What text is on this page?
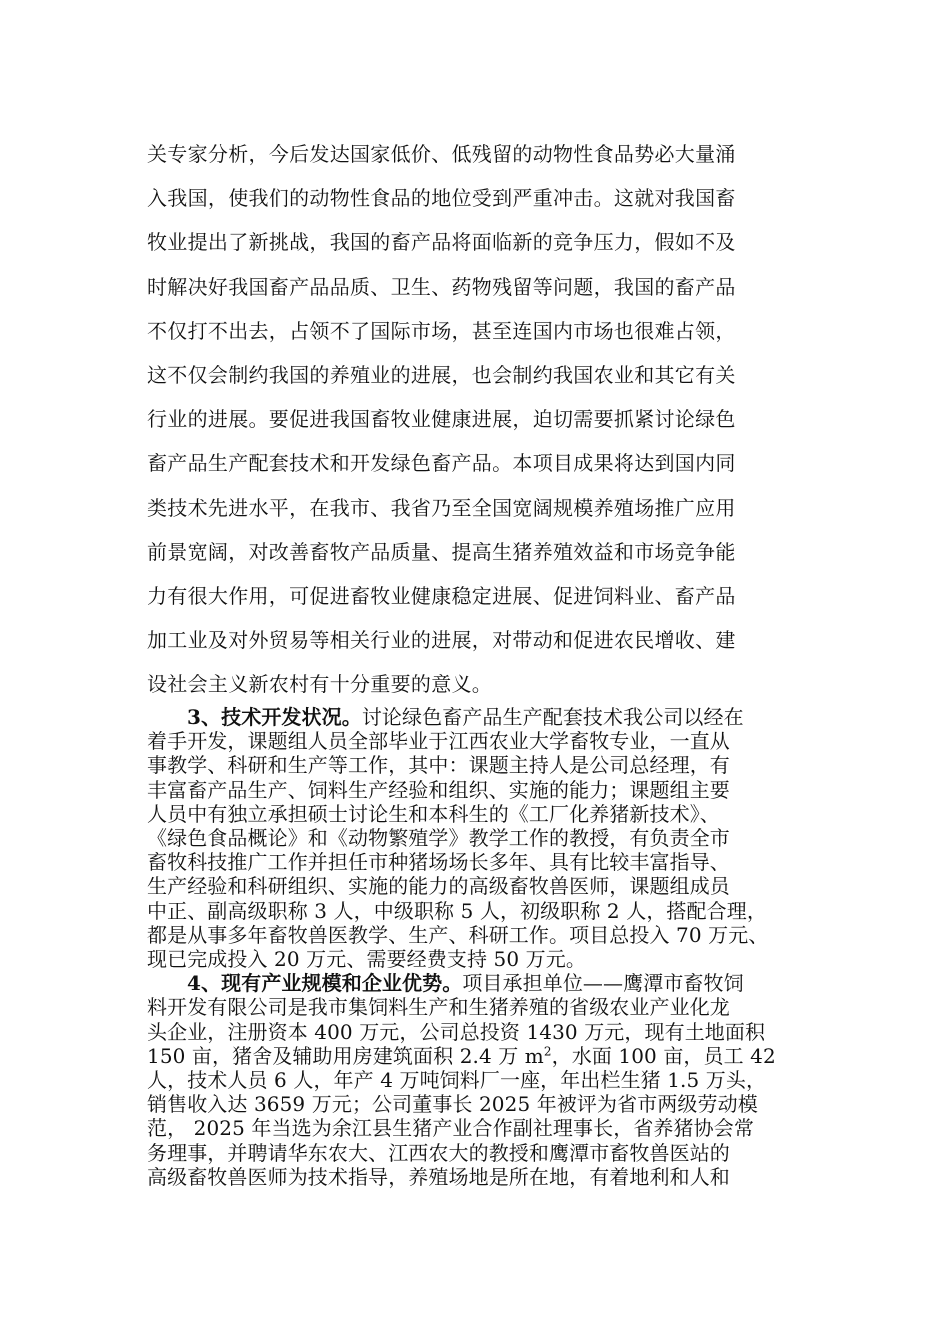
关专家分析，今后发达国家低价、低残留的动物性食品势必大量涌
入我国，使我们的动物性食品的地位受到严重冲击。这就对我国畜
牧业提出了新挑战，我国的畜产品将面临新的竞争压力，假如不及
时解决好我国畜产品品质、卫生、药物残留等问题，我国的畜产品
不仅打不出去，占领不了国际市场，甚至连国内市场也很难占领，
这不仅会制约我国的养殖业的进展，也会制约我国农业和其它有关
行业的进展。要促进我国畜牧业健康进展，迫切需要抓紧讨论绿色
畜产品生产配套技术和开发绿色畜产品。本项目成果将达到国内同
类技术先进水平，在我市、我省乃至全国宽阔规模养殖场推广应用
前景宽阔，对改善畜牧产品质量、提高生猪养殖效益和市场竞争能
力有很大作用，可促进畜牧业健康稳定进展、促进饲料业、畜产品
加工业及对外贸易等相关行业的进展，对带动和促进农民增收、建
设社会主义新农村有十分重要的意义。
3、技术开发状况。讨论绿色畜产品生产配套技术我公司以经在
着手开发，课题组人员全部毕业于江西农业大学畜牧专业，一直从
事教学、科研和生产等工作，其中：课题主持人是公司总经理，有
丰富畜产品生产、饲料生产经验和组织、实施的能力；课题组主要
人员中有独立承担硕士讨论生和本科生的《工厂化养猪新技术》、
《绿色食品概论》和《动物繁殖学》教学工作的教授，有负责全市
畜牧科技推广工作并担任市种猪场场长多年、具有比较丰富指导、
生产经验和科研组织、实施的能力的高级畜牧兽医师，课题组成员
中正、副高级职称 3 人，中级职称 5 人，初级职称 2 人，搭配合理，
都是从事多年畜牧兽医教学、生产、科研工作。项目总投入 70 万元、
现已完成投入 20 万元、需要经费支持 50 万元。
4、现有产业规模和企业优势。项目承担单位——鹰潭市畜牧饲
料开发有限公司是我市集饲料生产和生猪养殖的省级农业产业化龙
头企业，注册资本 400 万元，公司总投资 1430 万元，现有土地面积
150 亩，猪舍及辅助用房建筑面积 2.4 万 $m^2$，水面 100 亩，员工 42
人，技术人员 6 人，年产 4 万吨饲料厂一座，年出栏生猪 1.5 万头，
销售收入达 3659 万元；公司董事长 2025 年被评为省市两级劳动模
范， 2025 年当选为余江县生猪产业合作副社理事长，省养猪协会常
务理事，并聘请华东农大、江西农大的教授和鹰潭市畜牧兽医站的
高级畜牧兽医师为技术指导，养殖场地是所在地，有着地利和人和
